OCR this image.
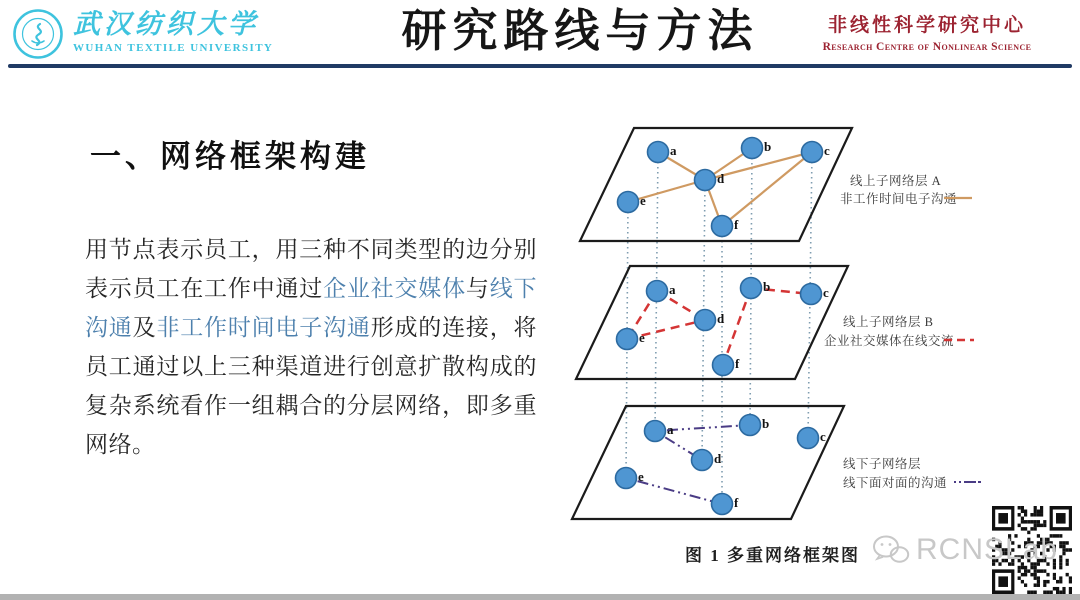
武汉纺织大学
WUHAN TEXTILE UNIVERSITY	研究路线与方法	非线性科学研究中心
Research Centre of Nonlinear Science
一、网络框架构建

用节点表示员工，用三种不同类型的边分别表示员工在工作中通过企业社交媒体与线下沟通及非工作时间电子沟通形成的连接，将员工通过以上三种渠道进行创意扩散构成的复杂系统看作一组耦合的分层网络，即多重网络。

a	b	c
d
e
f
线上子网络层 A
非工作时间电子沟通
a	b	c
d
e
f
线上子网络层 B
企业社交媒体在线交流
a	b
c
d
e
f
线下子网络层
线下面对面的沟通
图 1 多重网络框架图	RCNSLab
